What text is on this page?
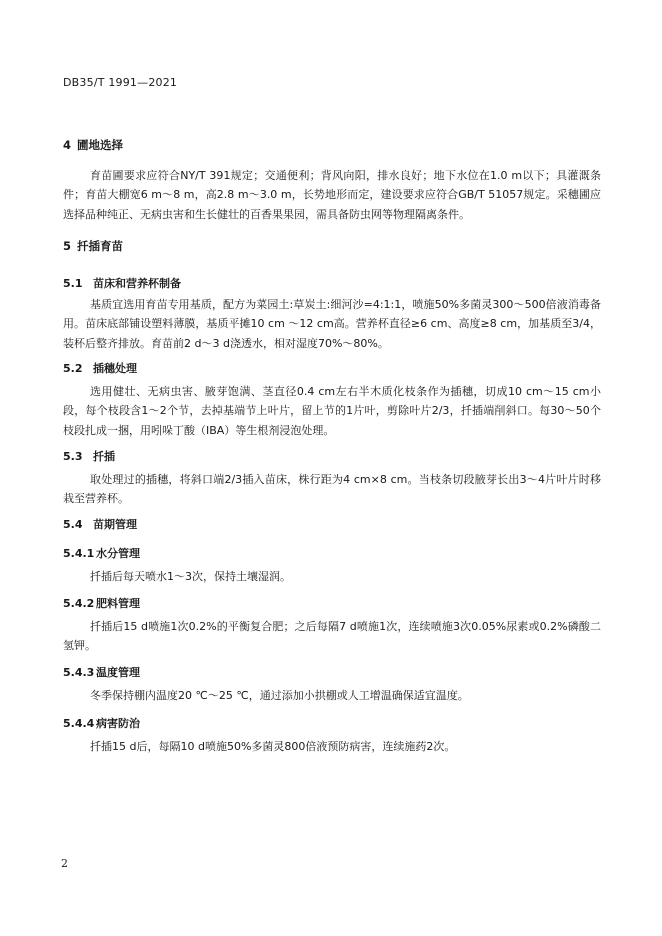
DB35/T 1991—2021
4 圃地选择
育苗圃要求应符合NY/T 391规定；交通便利；背风向阳，排水良好；地下水位在1.0 m以下；具灌溉条件；育苗大棚宽6 m～8 m，高2.8 m～3.0 m，长势地形而定，建设要求应符合GB/T 51057规定。采穗圃应选择品种纯正、无病虫害和生长健壮的百香果果园，需具备防虫网等物理隔离条件。
5 扦插育苗
5.1 苗床和营养杯制备
基质宜选用育苗专用基质，配方为菜园土:草炭土:细河沙=4:1:1，喷施50%多菌灵300～500倍液消毒备用。苗床底部铺设塑料薄膜，基质平摊10 cm ～12 cm高。营养杯直径≥6 cm、高度≥8 cm，加基质至3/4，装杯后整齐排放。育苗前2 d～3 d浇透水，相对湿度70%～80%。
5.2 插穗处理
选用健壮、无病虫害、腋芽饱满、茎直径0.4 cm左右半木质化枝条作为插穗，切成10 cm～15 cm小段，每个枝段含1～2个节，去掉基端节上叶片，留上节的1片叶，剪除叶片2/3，扦插端削斜口。每30～50个枝段扎成一捆，用吲哚丁酸（IBA）等生根剂浸泡处理。
5.3 扦插
取处理过的插穗，将斜口端2/3插入苗床，株行距为4 cm×8 cm。当枝条切段腋芽长出3～4片叶片时移栽至营养杯。
5.4 苗期管理
5.4.1 水分管理
扦插后每天喷水1～3次，保持土壤湿润。
5.4.2 肥料管理
扦插后15 d喷施1次0.2%的平衡复合肥；之后每隔7 d喷施1次，连续喷施3次0.05%尿素或0.2%磷酸二氢钾。
5.4.3 温度管理
冬季保持棚内温度20 ℃～25 ℃，通过添加小拱棚或人工增温确保适宜温度。
5.4.4 病害防治
扦插15 d后，每隔10 d喷施50%多菌灵800倍液预防病害，连续施药2次。
2
